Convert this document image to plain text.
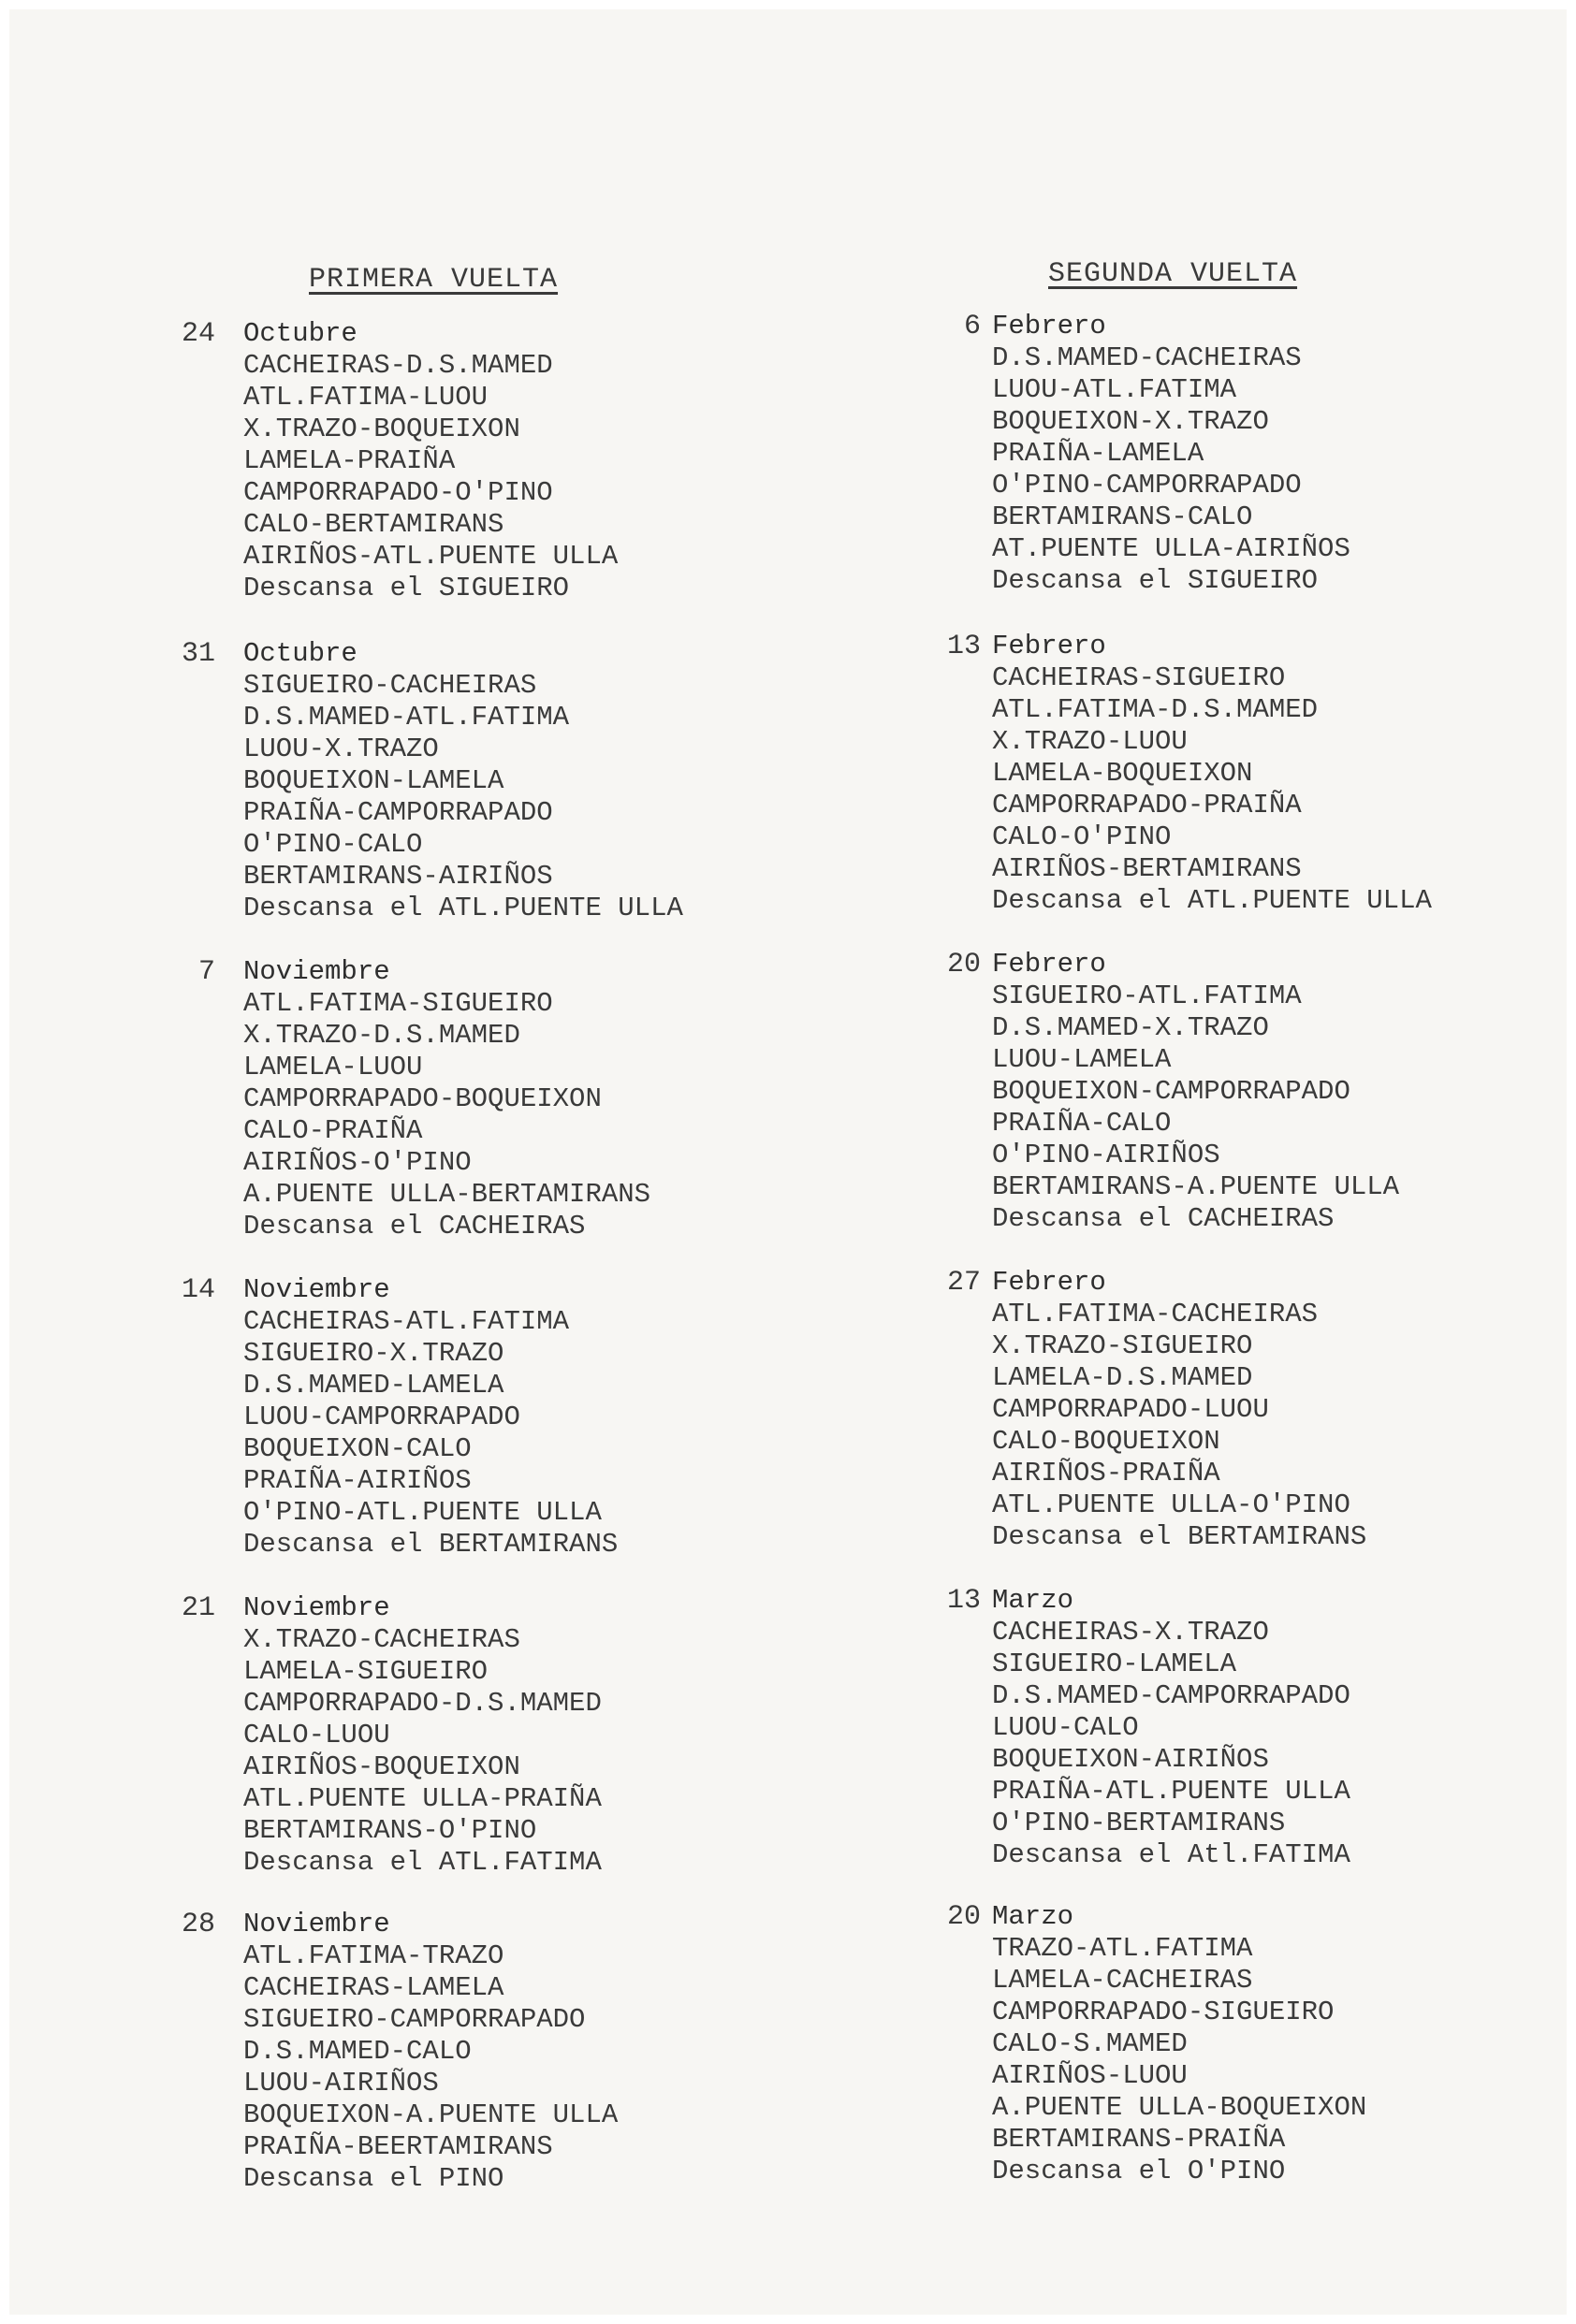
PRIMERA VUELTA	SEGUNDA VUELTA
24 Octubre
CACHEIRAS-D.S.MAMED
ATL.FATIMA-LUOU
X.TRAZO-BOQUEIXON
LAMELA-PRAIÑA
CAMPORRAPADO-O'PINO
CALO-BERTAMIRANS
AIRIÑOS-ATL.PUENTE ULLA
Descansa el SIGUEIRO
31 Octubre
SIGUEIRO-CACHEIRAS
D.S.MAMED-ATL.FATIMA
LUOU-X.TRAZO
BOQUEIXON-LAMELA
PRAIÑA-CAMPORRAPADO
O'PINO-CALO
BERTAMIRANS-AIRIÑOS
Descansa el ATL.PUENTE ULLA
7 Noviembre
ATL.FATIMA-SIGUEIRO
X.TRAZO-D.S.MAMED
LAMELA-LUOU
CAMPORRAPADO-BOQUEIXON
CALO-PRAIÑA
AIRIÑOS-O'PINO
A.PUENTE ULLA-BERTAMIRANS
Descansa el CACHEIRAS
14 Noviembre
CACHEIRAS-ATL.FATIMA
SIGUEIRO-X.TRAZO
D.S.MAMED-LAMELA
LUOU-CAMPORRAPADO
BOQUEIXON-CALO
PRAIÑA-AIRIÑOS
O'PINO-ATL.PUENTE ULLA
Descansa el BERTAMIRANS
21 Noviembre
X.TRAZO-CACHEIRAS
LAMELA-SIGUEIRO
CAMPORRAPADO-D.S.MAMED
CALO-LUOU
AIRIÑOS-BOQUEIXON
ATL.PUENTE ULLA-PRAIÑA
BERTAMIRANS-O'PINO
Descansa el ATL.FATIMA
28 Noviembre
ATL.FATIMA-TRAZO
CACHEIRAS-LAMELA
SIGUEIRO-CAMPORRAPADO
D.S.MAMED-CALO
LUOU-AIRIÑOS
BOQUEIXON-A.PUENTE ULLA
PRAIÑA-BEERTAMIRANS
Descansa el PINO
6 Febrero
D.S.MAMED-CACHEIRAS
LUOU-ATL.FATIMA
BOQUEIXON-X.TRAZO
PRAIÑA-LAMELA
O'PINO-CAMPORRAPADO
BERTAMIRANS-CALO
AT.PUENTE ULLA-AIRIÑOS
Descansa el SIGUEIRO
13 Febrero
CACHEIRAS-SIGUEIRO
ATL.FATIMA-D.S.MAMED
X.TRAZO-LUOU
LAMELA-BOQUEIXON
CAMPORRAPADO-PRAIÑA
CALO-O'PINO
AIRIÑOS-BERTAMIRANS
Descansa el ATL.PUENTE ULLA
20 Febrero
SIGUEIRO-ATL.FATIMA
D.S.MAMED-X.TRAZO
LUOU-LAMELA
BOQUEIXON-CAMPORRAPADO
PRAIÑA-CALO
O'PINO-AIRIÑOS
BERTAMIRANS-A.PUENTE ULLA
Descansa el CACHEIRAS
27 Febrero
ATL.FATIMA-CACHEIRAS
X.TRAZO-SIGUEIRO
LAMELA-D.S.MAMED
CAMPORRAPADO-LUOU
CALO-BOQUEIXON
AIRIÑOS-PRAIÑA
ATL.PUENTE ULLA-O'PINO
Descansa el BERTAMIRANS
13 Marzo
CACHEIRAS-X.TRAZO
SIGUEIRO-LAMELA
D.S.MAMED-CAMPORRAPADO
LUOU-CALO
BOQUEIXON-AIRIÑOS
PRAIÑA-ATL.PUENTE ULLA
O'PINO-BERTAMIRANS
Descansa el Atl.FATIMA
20 Marzo
TRAZO-ATL.FATIMA
LAMELA-CACHEIRAS
CAMPORRAPADO-SIGUEIRO
CALO-S.MAMED
AIRIÑOS-LUOU
A.PUENTE ULLA-BOQUEIXON
BERTAMIRANS-PRAIÑA
Descansa el O'PINO
